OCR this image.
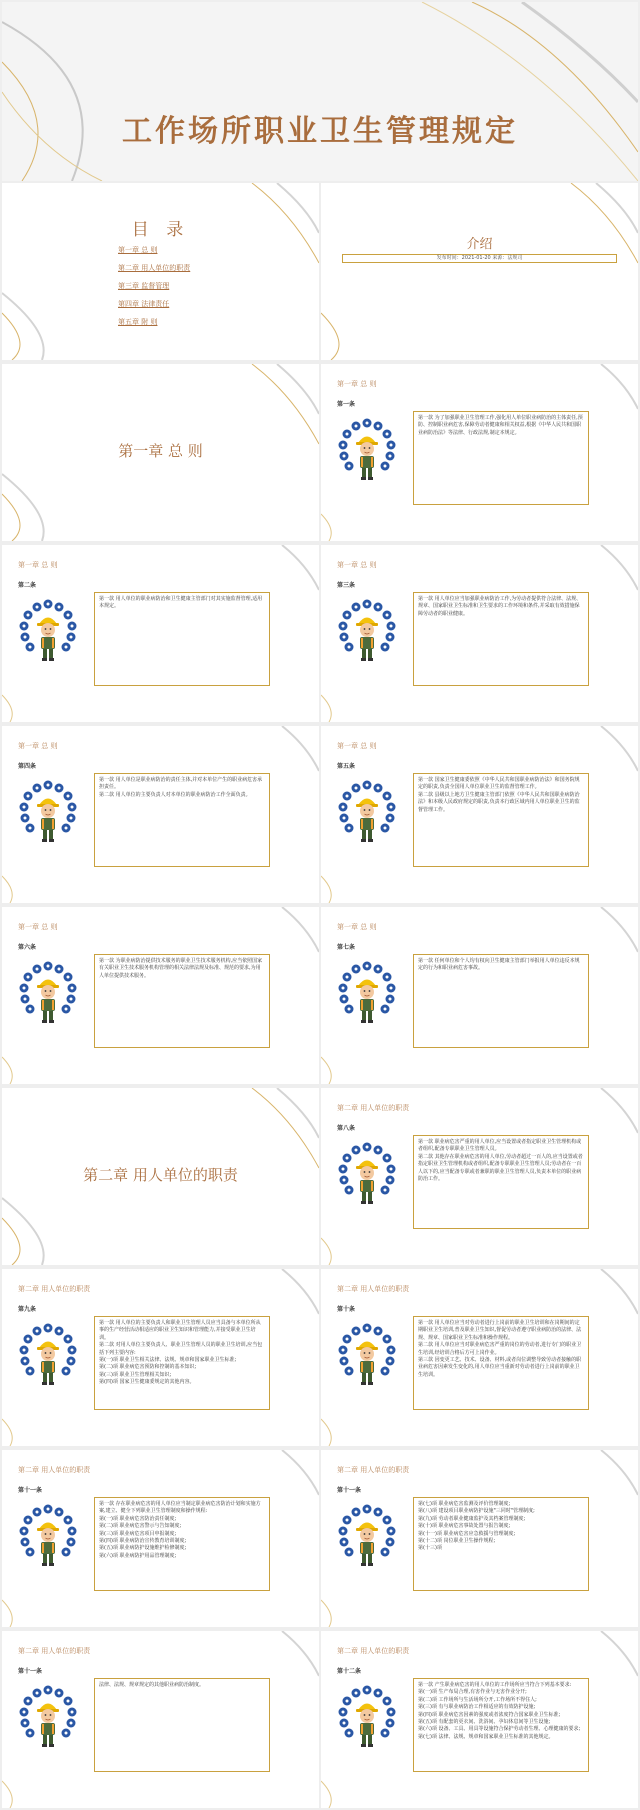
工作场所职业卫生管理规定
目 录
第一章 总 则
第二章 用人单位的职责
第三章 监督管理
第四章 法律责任
第五章 附 则
介绍
发布时间：2021-01-20 来源：法规司
第一章 总 则
第二章 用人单位的职责
第一章 总 则
第一条

第一款 为了加强职业卫生管理工作,强化用人单位职业病防治的主体责任,预防、控制职业病危害,保障劳动者健康和相关权益,根据《中华人民共和国职业病防治法》等法律、行政法规,制定本规定。

第一章 总 则
第二条

第一款 用人单位的职业病防治和卫生健康主管部门对其实施监督管理,适用本规定。

第一章 总 则
第三条

第一款 用人单位应当加强职业病防治工作,为劳动者提供符合法律、法规、规章、国家职业卫生标准和卫生要求的工作环境和条件,并采取有效措施保障劳动者的职业健康。

第一章 总 则
第四条

第一款 用人单位是职业病防治的责任主体,并对本单位产生的职业病危害承担责任。

第二款 用人单位的主要负责人对本单位的职业病防治工作全面负责。

第一章 总 则
第五条

第一款 国家卫生健康委依照《中华人民共和国职业病防治法》和国务院规定的职责,负责全国用人单位职业卫生的监督管理工作。

第二款 县级以上地方卫生健康主管部门依照《中华人民共和国职业病防治法》和本级人民政府规定的职责,负责本行政区域内用人单位职业卫生的监督管理工作。

第一章 总 则
第六条

第一款 为职业病防治提供技术服务的职业卫生技术服务机构,应当依照国家有关职业卫生技术服务机构管理的相关法律法规及标准、规范的要求,为用人单位提供技术服务。

第一章 总 则
第七条

第一款 任何单位和个人均有权向卫生健康主管部门举报用人单位违反本规定的行为和职业病危害事故。

第二章 用人单位的职责
第八条

第一款 职业病危害严重的用人单位,应当设置或者指定职业卫生管理机构或者组织,配备专职职业卫生管理人员。

第二款 其他存在职业病危害的用人单位,劳动者超过一百人的,应当设置或者指定职业卫生管理机构或者组织,配备专职职业卫生管理人员;劳动者在一百人以下的,应当配备专职或者兼职的职业卫生管理人员,负责本单位的职业病防治工作。

第二章 用人单位的职责
第九条

第一款 用人单位的主要负责人和职业卫生管理人员应当具备与本单位所从事的生产经营活动相适应的职业卫生知识和管理能力,并接受职业卫生培训。

第二款 对用人单位主要负责人、职业卫生管理人员的职业卫生培训,应当包括下列主要内容:

第(一)项 职业卫生相关法律、法规、规章和国家职业卫生标准;

第(二)项 职业病危害预防和控制的基本知识;

第(三)项 职业卫生管理相关知识;

第(四)项 国家卫生健康委规定的其他内容。

第二章 用人单位的职责
第十条

第一款 用人单位应当对劳动者进行上岗前的职业卫生培训和在岗期间的定期职业卫生培训,普及职业卫生知识,督促劳动者遵守职业病防治的法律、法规、规章、国家职业卫生标准和操作规程。

第二款 用人单位应当对职业病危害严重的岗位的劳动者,进行专门的职业卫生培训,经培训合格后方可上岗作业。

第三款 因变更工艺、技术、设备、材料,或者岗位调整导致劳动者接触的职业病危害因素发生变化的,用人单位应当重新对劳动者进行上岗前的职业卫生培训。

第二章 用人单位的职责
第十一条

第一款 存在职业病危害的用人单位应当制定职业病危害防治计划和实施方案,建立、健全下列职业卫生管理制度和操作规程:

第(一)项 职业病危害防治责任制度;

第(二)项 职业病危害警示与告知制度;

第(三)项 职业病危害项目申报制度;

第(四)项 职业病防治宣传教育培训制度;

第(五)项 职业病防护设施维护检修制度;

第(六)项 职业病防护用品管理制度;

第二章 用人单位的职责
第十一条

第(七)项 职业病危害监测及评价管理制度;

第(八)项 建设项目职业病防护设施"三同时"管理制度;

第(九)项 劳动者职业健康监护及其档案管理制度;

第(十)项 职业病危害事故处置与报告制度;

第(十一)项 职业病危害应急救援与管理制度;

第(十二)项 岗位职业卫生操作规程;

第(十三)项

第二章 用人单位的职责
第十一条

法律、法规、规章规定的其他职业病防治制度。

第二章 用人单位的职责
第十二条

第一款 产生职业病危害的用人单位的工作场所应当符合下列基本要求:

第(一)项 生产布局合理,有害作业与无害作业分开;

第(二)项 工作场所与生活场所分开,工作场所不得住人;

第(三)项 有与职业病防治工作相适应的有效防护设施;

第(四)项 职业病危害因素的强度或者浓度符合国家职业卫生标准;

第(五)项 有配套的更衣间、洗浴间、孕妇休息间等卫生设施;

第(六)项 设备、工具、用具等设施符合保护劳动者生理、心理健康的要求;

第(七)项 法律、法规、规章和国家职业卫生标准的其他规定。
